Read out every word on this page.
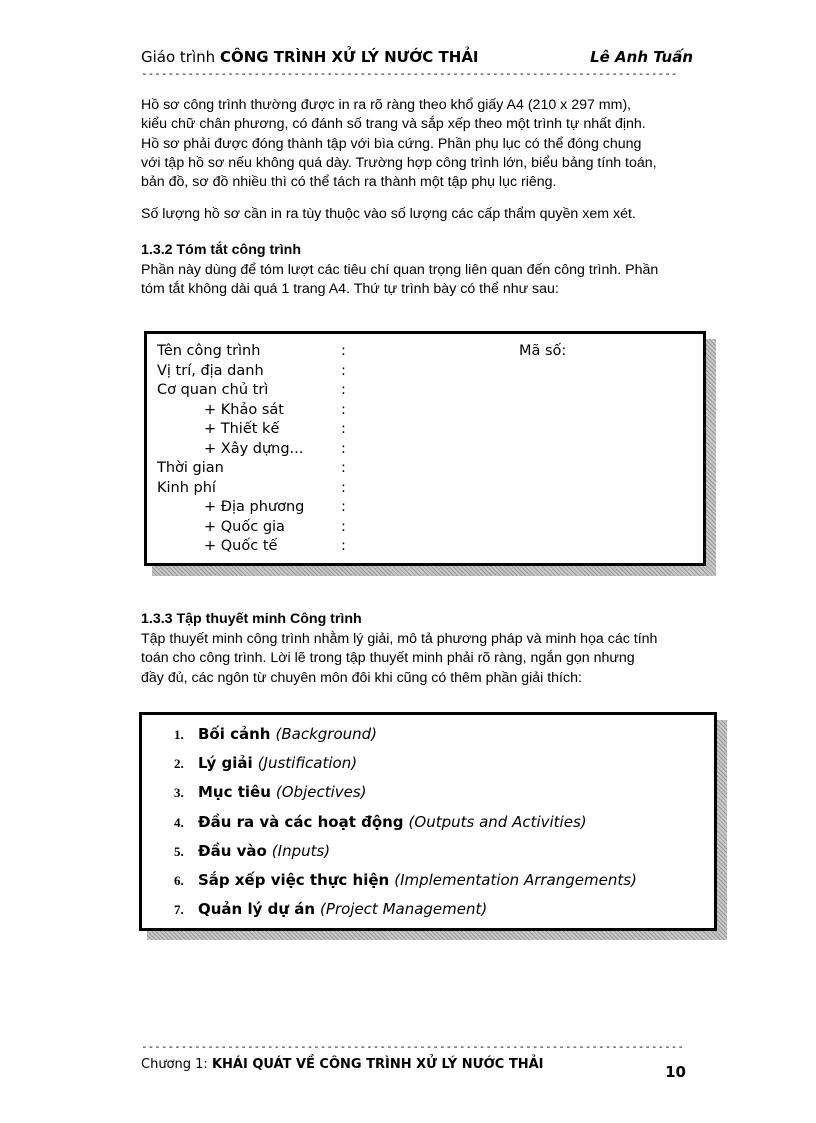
Giáo trình CÔNG TRÌNH XỬ LÝ NƯỚC THẢI	Lê Anh Tuấn
---------------------------------------------------------------------------------

Hồ sơ công trình thường được in ra rõ ràng theo khổ giấy A4 (210 x 297 mm),

kiểu chữ chân phương, có đánh số trang và sắp xếp theo một trình tự nhất định.

Hồ sơ phải được đóng thành tập với bìa cứng. Phần phụ lục có thể đóng chung

với tập hồ sơ nếu không quá dày. Trường hợp công trình lớn, biểu bảng tính toán,

bản đồ, sơ đồ nhiều thì có thể tách ra thành một tập phụ lục riêng.

Số lượng hồ sơ cần in ra tùy thuộc vào số lượng các cấp thẩm quyền xem xét.

1.3.2 Tóm tắt công trình

Phần này dùng để tóm lượt các tiêu chí quan trọng liên quan đến công trình. Phần

tóm tắt không dài quá 1 trang A4. Thứ tự trình bày có thể như sau:

Tên công trình	:	Mã số:
Vị trí, địa danh	:
Cơ quan chủ trì	:
+ Khảo sát	:
+ Thiết kế	:
+ Xây dựng...	:
Thời gian	:
Kinh phí	:
+ Địa phương	:
+ Quốc gia	:
+ Quốc tế	:
1.3.3 Tập thuyết minh Công trình

Tập thuyết minh công trình nhằm lý giải, mô tả phương pháp và minh họa các tính

toán cho công trình. Lời lẽ trong tập thuyết minh phải rõ ràng, ngắn gọn nhưng

đầy đủ, các ngôn từ chuyên môn đôi khi cũng có thêm phần giải thích:

1. Bối cảnh (Background)
2. Lý giải (Justification)
3. Mục tiêu (Objectives)
4. Đầu ra và các hoạt động (Outputs and Activities)
5. Đầu vào (Inputs)
6. Sắp xếp việc thực hiện (Implementation Arrangements)
7. Quản lý dự án (Project Management)
----------------------------------------------------------------------------------
Chương 1: KHÁI QUÁT VỀ CÔNG TRÌNH XỬ LÝ NƯỚC THẢI	10
